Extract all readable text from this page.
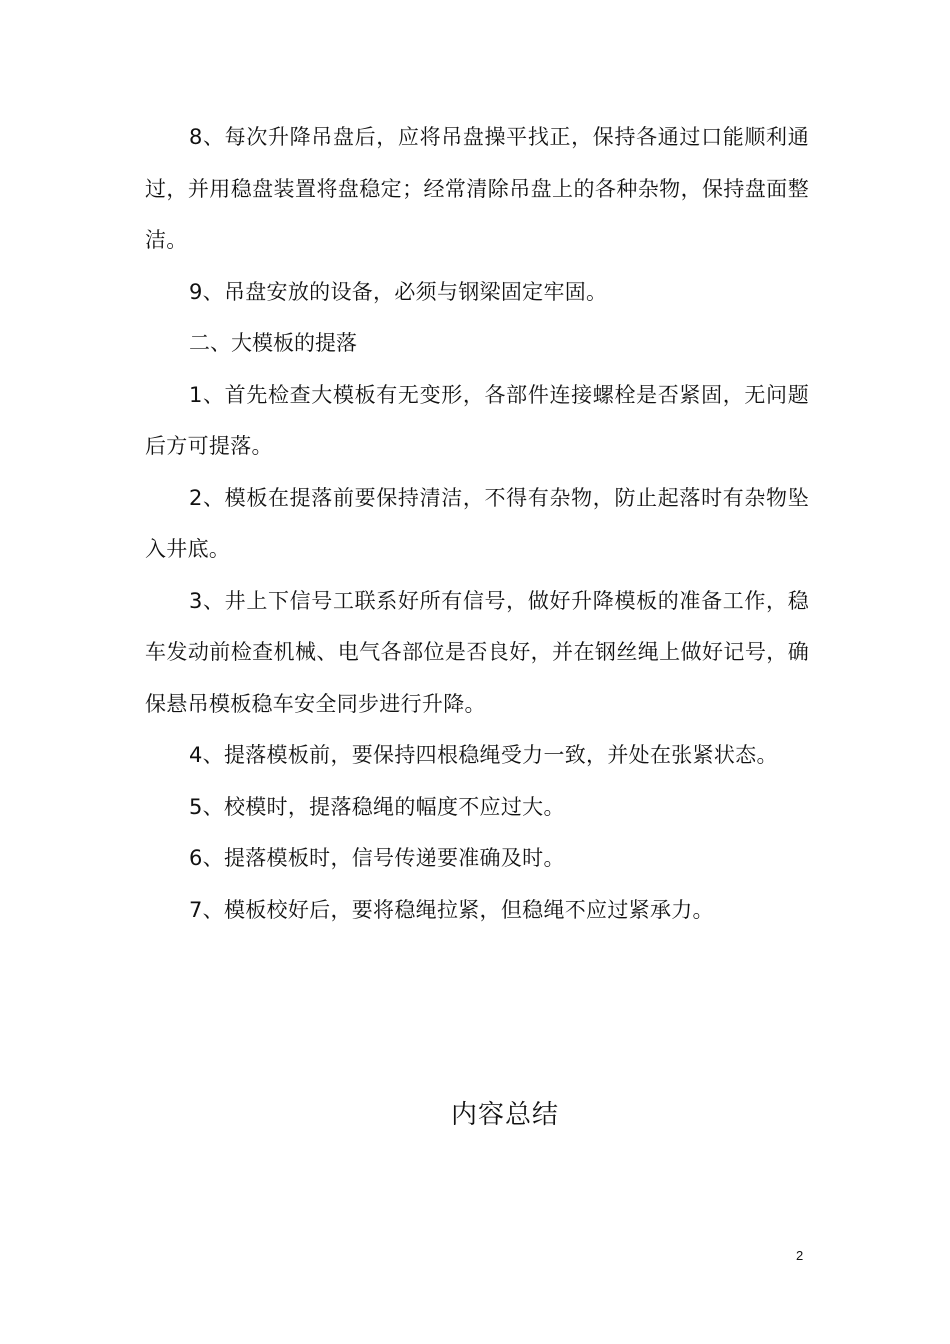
8、每次升降吊盘后，应将吊盘操平找正，保持各通过口能顺利通过，并用稳盘装置将盘稳定；经常清除吊盘上的各种杂物，保持盘面整洁。

9、吊盘安放的设备，必须与钢梁固定牢固。

二、大模板的提落

1、首先检查大模板有无变形，各部件连接螺栓是否紧固，无问题后方可提落。

2、模板在提落前要保持清洁，不得有杂物，防止起落时有杂物坠入井底。

3、井上下信号工联系好所有信号，做好升降模板的准备工作，稳车发动前检查机械、电气各部位是否良好，并在钢丝绳上做好记号，确保悬吊模板稳车安全同步进行升降。

4、提落模板前，要保持四根稳绳受力一致，并处在张紧状态。

5、校模时，提落稳绳的幅度不应过大。

6、提落模板时，信号传递要准确及时。

7、模板校好后，要将稳绳拉紧，但稳绳不应过紧承力。

内容总结
2
